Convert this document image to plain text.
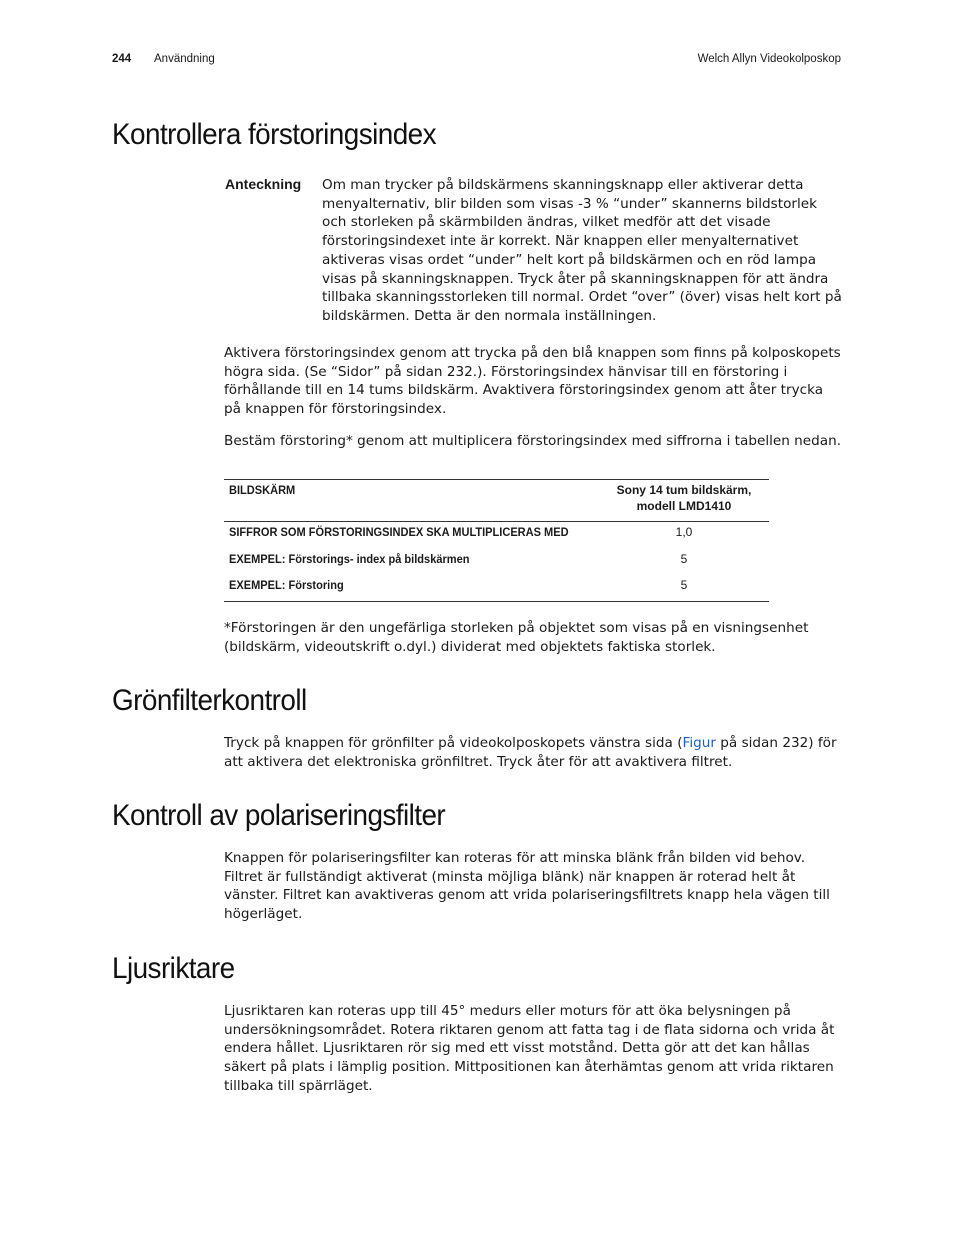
244 Användning	Welch Allyn Videokolposkop
Kontrollera förstoringsindex
Anteckning Om man trycker på bildskärmens skanningsknapp eller aktiverar detta menyalternativ, blir bilden som visas -3 % “under” skannerns bildstorlek och storleken på skärmbilden ändras, vilket medför att det visade förstoringsindexet inte är korrekt. När knappen eller menyalternativet aktiveras visas ordet “under” helt kort på bildskärmen och en röd lampa visas på skanningsknappen. Tryck åter på skanningsknappen för att ändra tillbaka skanningsstorleken till normal. Ordet “over” (över) visas helt kort på bildskärmen. Detta är den normala inställningen.

Aktivera förstoringsindex genom att trycka på den blå knappen som finns på kolposkopets högra sida. (Se “Sidor” på sidan 232.). Förstoringsindex hänvisar till en förstoring i förhållande till en 14 tums bildskärm. Avaktivera förstoringsindex genom att åter trycka på knappen för förstoringsindex.

Bestäm förstoring* genom att multiplicera förstoringsindex med siffrorna i tabellen nedan.

BILDSKÄRM	Sony 14 tum bildskärm,
modell LMD1410
SIFFROR SOM FÖRSTORINGSINDEX SKA MULTIPLICERAS MED	1,0
EXEMPEL: Förstorings- index på bildskärmen	5
EXEMPEL: Förstoring	5

*Förstoringen är den ungefärliga storleken på objektet som visas på en visningsenhet (bildskärm, videoutskrift o.dyl.) dividerat med objektets faktiska storlek.

Grönfilterkontroll

Tryck på knappen för grönfilter på videokolposkopets vänstra sida (Figur på sidan 232) för att aktivera det elektroniska grönfiltret. Tryck åter för att avaktivera filtret.

Kontroll av polariseringsfilter

Knappen för polariseringsfilter kan roteras för att minska blänk från bilden vid behov. Filtret är fullständigt aktiverat (minsta möjliga blänk) när knappen är roterad helt åt vänster. Filtret kan avaktiveras genom att vrida polariseringsfiltrets knapp hela vägen till högerläget.

Ljusriktare

Ljusriktaren kan roteras upp till 45° medurs eller moturs för att öka belysningen på undersökningsområdet. Rotera riktaren genom att fatta tag i de flata sidorna och vrida åt endera hållet. Ljusriktaren rör sig med ett visst motstånd. Detta gör att det kan hållas säkert på plats i lämplig position. Mittpositionen kan återhämtas genom att vrida riktaren tillbaka till spärrläget.
